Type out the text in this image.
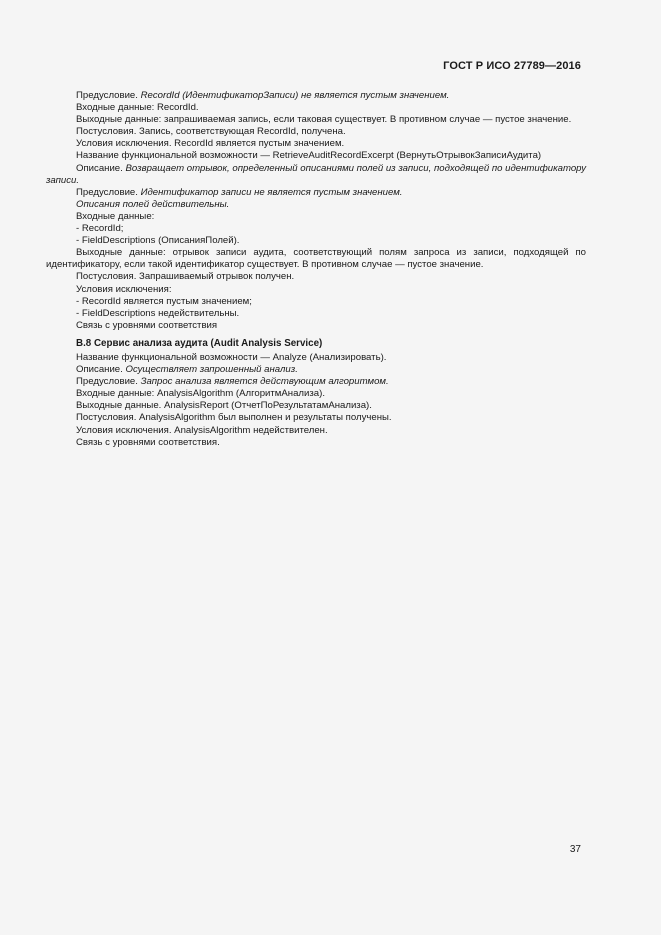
ГОСТ Р ИСО 27789—2016

Предусловие. RecordId (ИдентификаторЗаписи) не является пустым значением.

Входные данные: RecordId.

Выходные данные: запрашиваемая запись, если таковая существует. В противном случае — пустое значение.

Постусловия. Запись, соответствующая RecordId, получена.

Условия исключения. RecordId является пустым значением.

Название функциональной возможности — RetrieveAuditRecordExcerpt (ВернутьОтрывокЗаписиАудита)

Описание. Возвращает отрывок, определенный описаниями полей из записи, подходящей по идентификатору записи.

Предусловие. Идентификатор записи не является пустым значением.

Описания полей действительны.

Входные данные:

- RecordId;

- FieldDescriptions (ОписанияПолей).

Выходные данные: отрывок записи аудита, соответствующий полям запроса из записи, подходящей по идентификатору, если такой идентификатор существует. В противном случае — пустое значение.

Постусловия. Запрашиваемый отрывок получен.

Условия исключения:

- RecordId является пустым значением;

- FieldDescriptions недействительны.

Связь с уровнями соответствия

В.8 Сервис анализа аудита (Audit Analysis Service)

Название функциональной возможности — Analyze (Анализировать).

Описание. Осуществляет запрошенный анализ.

Предусловие. Запрос анализа является действующим алгоритмом.

Входные данные: AnalysisAlgorithm (АлгоритмАнализа).

Выходные данные. AnalysisReport (ОтчетПоРезультатамАнализа).

Постусловия. AnalysisAlgorithm был выполнен и результаты получены.

Условия исключения. AnalysisAlgorithm недействителен.

Связь с уровнями соответствия.

37
